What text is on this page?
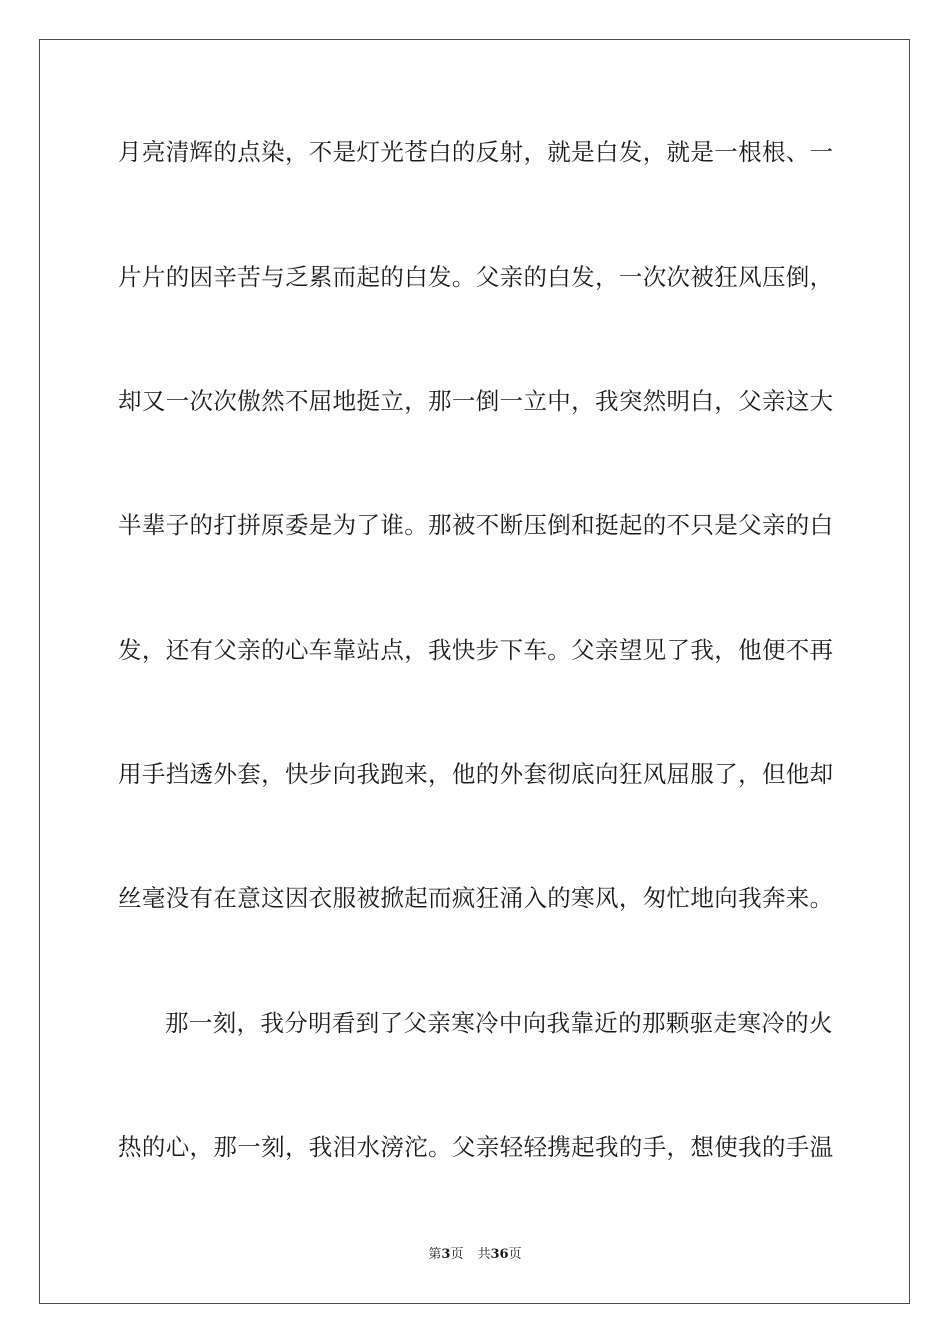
月亮清辉的点染，不是灯光苍白的反射，就是白发，就是一根根、一
片片的因辛苦与乏累而起的白发。父亲的白发，一次次被狂风压倒，
却又一次次傲然不屈地挺立，那一倒一立中，我突然明白，父亲这大
半辈子的打拼原委是为了谁。那被不断压倒和挺起的不只是父亲的白
发，还有父亲的心车靠站点，我快步下车。父亲望见了我，他便不再
用手挡透外套，快步向我跑来，他的外套彻底向狂风屈服了，但他却
丝毫没有在意这因衣服被掀起而疯狂涌入的寒风，匆忙地向我奔来。
那一刻，我分明看到了父亲寒冷中向我靠近的那颗驱走寒冷的火
热的心，那一刻，我泪水滂沱。父亲轻轻携起我的手，想使我的手温
第3页 共36页
